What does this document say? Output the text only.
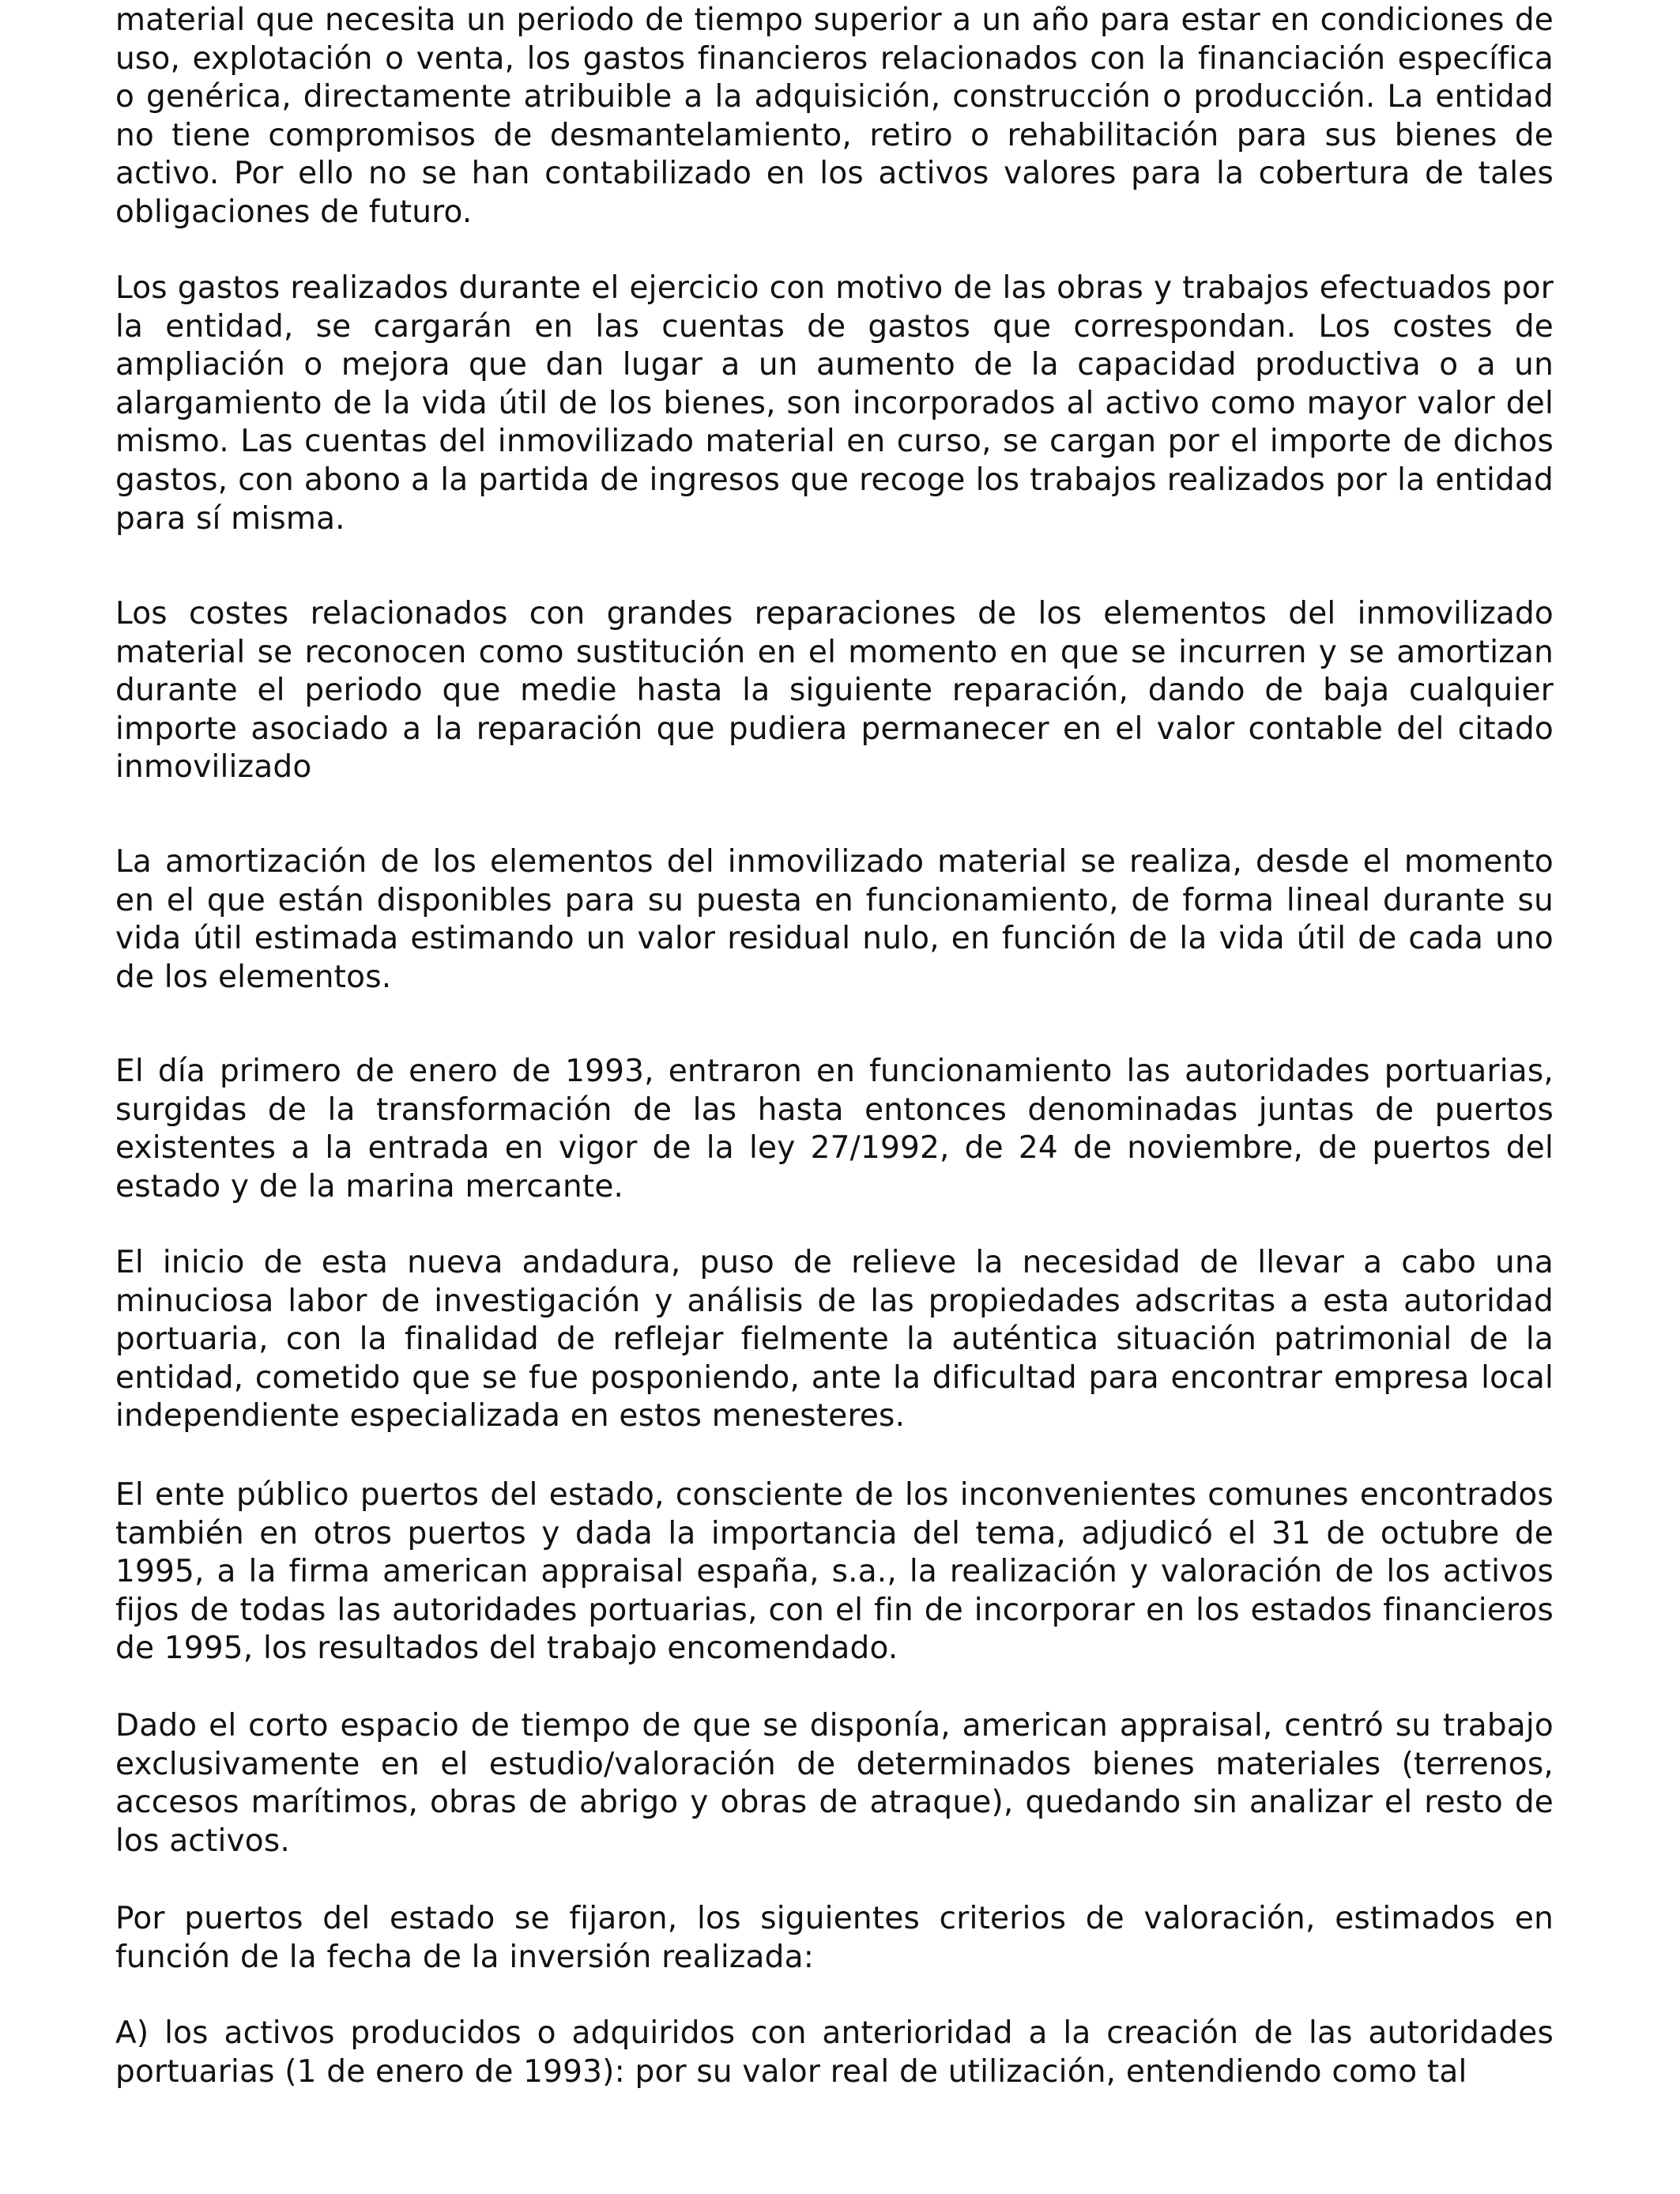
material que necesita un periodo de tiempo superior a un año para estar en condiciones de uso, explotación o venta, los gastos financieros relacionados con la financiación específica o genérica, directamente atribuible a la adquisición, construcción o producción. La entidad no tiene compromisos de desmantelamiento, retiro o rehabilitación para sus bienes de activo. Por ello no se han contabilizado en los activos valores para la cobertura de tales obligaciones de futuro.

Los gastos realizados durante el ejercicio con motivo de las obras y trabajos efectuados por la entidad, se cargarán en las cuentas de gastos que correspondan. Los costes de ampliación o mejora que dan lugar a un aumento de la capacidad productiva o a un alargamiento de la vida útil de los bienes, son incorporados al activo como mayor valor del mismo. Las cuentas del inmovilizado material en curso, se cargan por el importe de dichos gastos, con abono a la partida de ingresos que recoge los trabajos realizados por la entidad para sí misma.

Los costes relacionados con grandes reparaciones de los elementos del inmovilizado material se reconocen como sustitución en el momento en que se incurren y se amortizan durante el periodo que medie hasta la siguiente reparación, dando de baja cualquier importe asociado a la reparación que pudiera permanecer en el valor contable del citado inmovilizado

La amortización de los elementos del inmovilizado material se realiza, desde el momento en el que están disponibles para su puesta en funcionamiento, de forma lineal durante su vida útil estimada estimando un valor residual nulo, en función de la vida útil de cada uno de los elementos.

El día primero de enero de 1993, entraron en funcionamiento las autoridades portuarias, surgidas de la transformación de las hasta entonces denominadas juntas de puertos existentes a la entrada en vigor de la ley 27/1992, de 24 de noviembre, de puertos del estado y de la marina mercante.

El inicio de esta nueva andadura, puso de relieve la necesidad de llevar a cabo una minuciosa labor de investigación y análisis de las propiedades adscritas a esta autoridad portuaria, con la finalidad de reflejar fielmente la auténtica situación patrimonial de la entidad, cometido que se fue posponiendo, ante la dificultad para encontrar empresa local independiente especializada en estos menesteres.

El ente público puertos del estado, consciente de los inconvenientes comunes encontrados también en otros puertos y dada la importancia del tema, adjudicó el 31 de octubre de 1995, a la firma american appraisal españa, s.a., la realización y valoración de los activos fijos de todas las autoridades portuarias, con el fin de incorporar en los estados financieros de 1995, los resultados del trabajo encomendado.

Dado el corto espacio de tiempo de que se disponía, american appraisal, centró su trabajo exclusivamente en el estudio/valoración de determinados bienes materiales (terrenos, accesos marítimos, obras de abrigo y obras de atraque), quedando sin analizar el resto de los activos.

Por puertos del estado se fijaron, los siguientes criterios de valoración, estimados en función de la fecha de la inversión realizada:

A) los activos producidos o adquiridos con anterioridad a la creación de las autoridades portuarias (1 de enero de 1993): por su valor real de utilización, entendiendo como tal
